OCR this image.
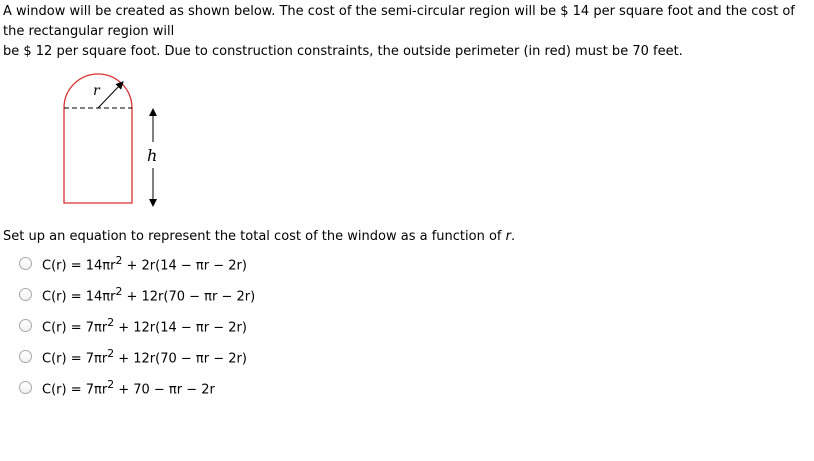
A window will be created as shown below. The cost of the semi-circular region will be $ 14 per square foot and the cost of

the rectangular region will

be $ 12 per square foot. Due to construction constraints, the outside perimeter (in red) must be 70 feet.

r
h

Set up an equation to represent the total cost of the window as a function of r.

$C(r) = 14\pi r^2 + 2r(14 - \pi r - 2r)$
$C(r) = 14\pi r^2 + 12r(70 - \pi r - 2r)$
$C(r) = 7\pi r^2 + 12r(14 - \pi r - 2r)$
$C(r) = 7\pi r^2 + 12r(70 - \pi r - 2r)$
$C(r) = 7\pi r^2 + 70 - \pi r - 2r$
